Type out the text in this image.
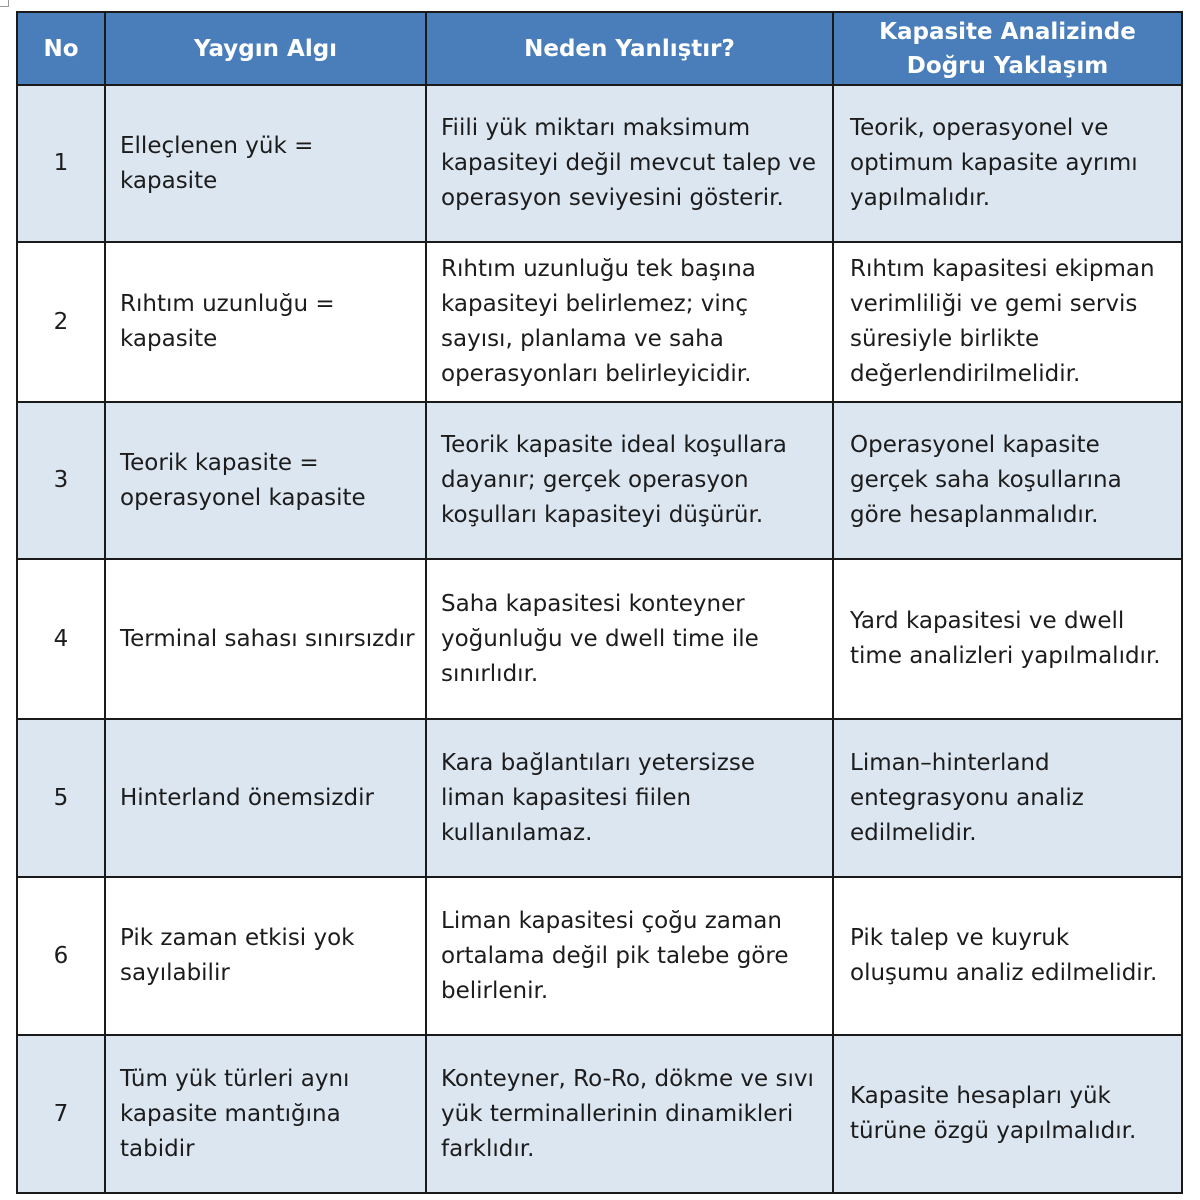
No	Yaygın Algı	Neden Yanlıştır?	Kapasite Analizinde Doğru Yaklaşım
1	Elleçlenen yük = kapasite	Fiili yük miktarı maksimum kapasiteyi değil mevcut talep ve operasyon seviyesini gösterir.	Teorik, operasyonel ve optimum kapasite ayrımı yapılmalıdır.
2	Rıhtım uzunluğu = kapasite	Rıhtım uzunluğu tek başına kapasiteyi belirlemez; vinç sayısı, planlama ve saha operasyonları belirleyicidir.	Rıhtım kapasitesi ekipman verimliliği ve gemi servis süresiyle birlikte değerlendirilmelidir.
3	Teorik kapasite = operasyonel kapasite	Teorik kapasite ideal koşullara dayanır; gerçek operasyon koşulları kapasiteyi düşürür.	Operasyonel kapasite gerçek saha koşullarına göre hesaplanmalıdır.
4	Terminal sahası sınırsızdır	Saha kapasitesi konteyner yoğunluğu ve dwell time ile sınırlıdır.	Yard kapasitesi ve dwell time analizleri yapılmalıdır.
5	Hinterland önemsizdir	Kara bağlantıları yetersizse liman kapasitesi fiilen kullanılamaz.	Liman–hinterland entegrasyonu analiz edilmelidir.
6	Pik zaman etkisi yok sayılabilir	Liman kapasitesi çoğu zaman ortalama değil pik talebe göre belirlenir.	Pik talep ve kuyruk oluşumu analiz edilmelidir.
7	Tüm yük türleri aynı kapasite mantığına tabidir	Konteyner, Ro-Ro, dökme ve sıvı yük terminallerinin dinamikleri farklıdır.	Kapasite hesapları yük türüne özgü yapılmalıdır.
